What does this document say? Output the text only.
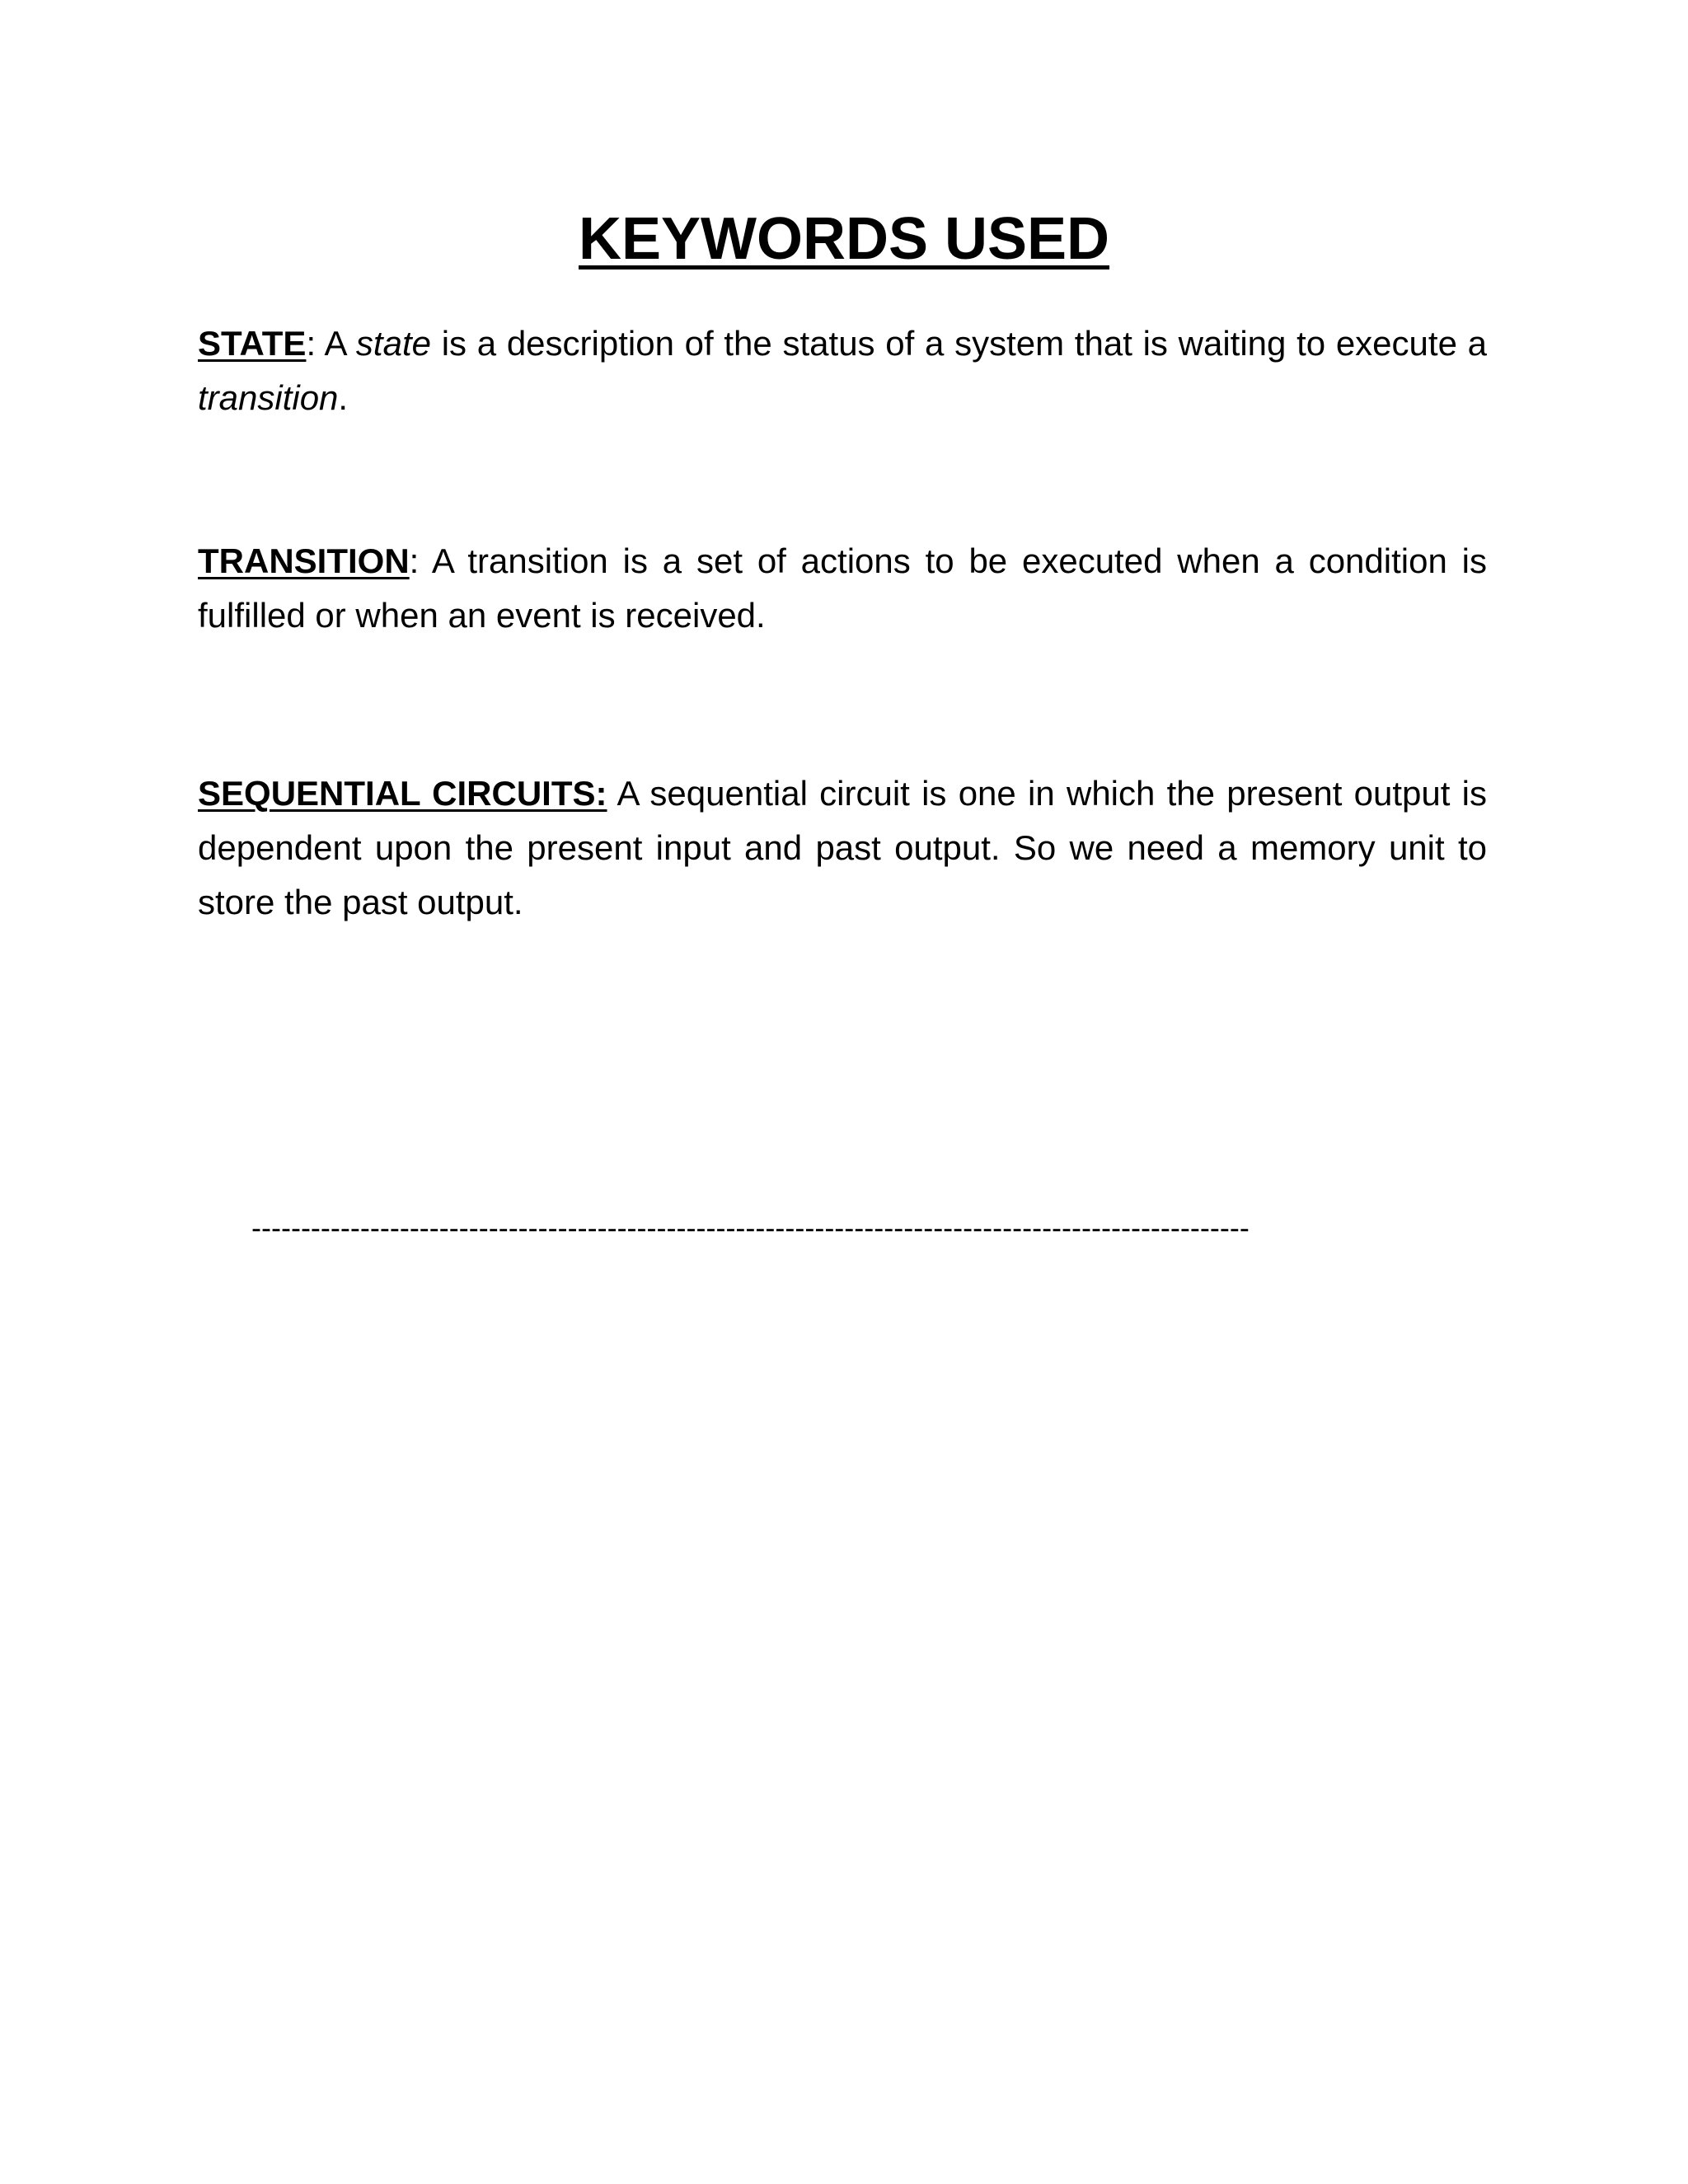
KEYWORDS USED

STATE: A state is a description of the status of a system that is waiting to execute a transition.

TRANSITION: A transition is a set of actions to be executed when a condition is fulfilled or when an event is received.

SEQUENTIAL CIRCUITS: A sequential circuit is one in which the present output is dependent upon the present input and past output. So we need a memory unit to store the past output.

-----------------------------------------------------------------------------------------------------
